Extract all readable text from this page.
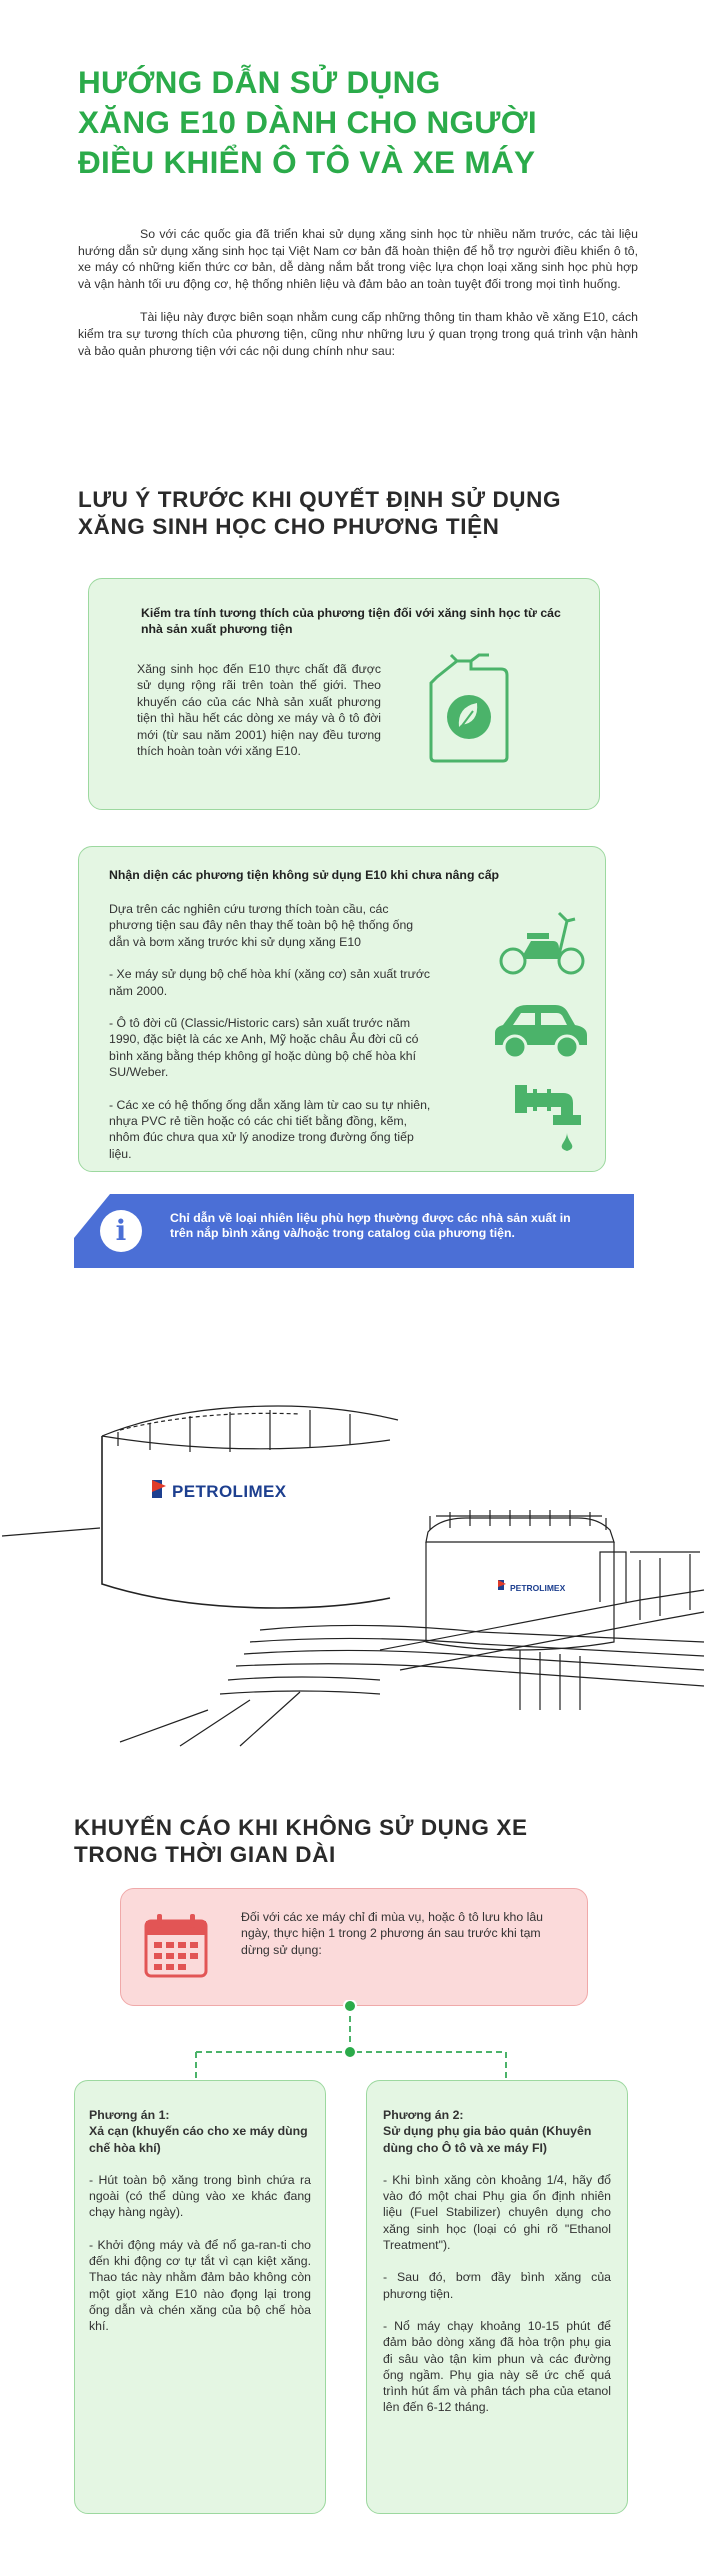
HƯỚNG DẪN SỬ DỤNG
XĂNG E10 DÀNH CHO NGƯỜI
ĐIỀU KHIỂN Ô TÔ VÀ XE MÁY

So với các quốc gia đã triển khai sử dụng xăng sinh học từ nhiều năm trước, các tài liệu hướng dẫn sử dụng xăng sinh học tại Việt Nam cơ bản đã hoàn thiện để hỗ trợ người điều khiển ô tô, xe máy có những kiến thức cơ bản, dễ dàng nắm bắt trong việc lựa chọn loại xăng sinh học phù hợp và vận hành tối ưu động cơ, hệ thống nhiên liệu và đảm bảo an toàn tuyệt đối trong mọi tình huống.

Tài liệu này được biên soạn nhằm cung cấp những thông tin tham khảo về xăng E10, cách kiểm tra sự tương thích của phương tiện, cũng như những lưu ý quan trọng trong quá trình vận hành và bảo quản phương tiện với các nội dung chính như sau:

LƯU Ý TRƯỚC KHI QUYẾT ĐỊNH SỬ DỤNG
XĂNG SINH HỌC CHO PHƯƠNG TIỆN
Kiểm tra tính tương thích của phương tiện đối với xăng sinh học từ các nhà sản xuất phương tiện
Xăng sinh học đến E10 thực chất đã được sử dụng rộng rãi trên toàn thế giới. Theo khuyến cáo của các Nhà sản xuất phương tiện thì hầu hết các dòng xe máy và ô tô đời mới (từ sau năm 2001) hiện nay đều tương thích hoàn toàn với xăng E10.
Nhận diện các phương tiện không sử dụng E10 khi chưa nâng cấp

Dựa trên các nghiên cứu tương thích toàn cầu, các phương tiện sau đây nên thay thế toàn bộ hệ thống ống dẫn và bơm xăng trước khi sử dụng xăng E10

- Xe máy sử dụng bộ chế hòa khí (xăng cơ) sản xuất trước năm 2000.

- Ô tô đời cũ (Classic/Historic cars) sản xuất trước năm 1990, đặc biệt là các xe Anh, Mỹ hoặc châu Âu đời cũ có bình xăng bằng thép không gỉ hoặc dùng bộ chế hòa khí SU/Weber.

- Các xe có hệ thống ống dẫn xăng làm từ cao su tự nhiên, nhựa PVC rẻ tiền hoặc có các chi tiết bằng đồng, kẽm, nhôm đúc chưa qua xử lý anodize trong đường ống tiếp liệu.

i	Chỉ dẫn về loại nhiên liệu phù hợp thường được các nhà sản xuất in trên nắp bình xăng và/hoặc trong catalog của phương tiện.
PETROLIMEX
PETROLIMEX
KHUYẾN CÁO KHI KHÔNG SỬ DỤNG XE
TRONG THỜI GIAN DÀI
Đối với các xe máy chỉ đi mùa vụ, hoặc ô tô lưu kho lâu ngày, thực hiện 1 trong 2 phương án sau trước khi tạm dừng sử dụng:
Phương án 1:
Xả cạn (khuyến cáo cho xe máy dùng chế hòa khí)

- Hút toàn bộ xăng trong bình chứa ra ngoài (có thể dùng vào xe khác đang chạy hàng ngày).

- Khởi động máy và để nổ ga-ran-ti cho đến khi động cơ tự tắt vì cạn kiệt xăng. Thao tác này nhằm đảm bảo không còn một giọt xăng E10 nào đọng lại trong ống dẫn và chén xăng của bộ chế hòa khí.

Phương án 2:
Sử dụng phụ gia bảo quản (Khuyên dùng cho Ô tô và xe máy FI)

- Khi bình xăng còn khoảng 1/4, hãy đổ vào đó một chai Phụ gia ổn định nhiên liệu (Fuel Stabilizer) chuyên dụng cho xăng sinh học (loại có ghi rõ "Ethanol Treatment").

- Sau đó, bơm đầy bình xăng của phương tiện.

- Nổ máy chạy khoảng 10-15 phút để đảm bảo dòng xăng đã hòa trộn phụ gia đi sâu vào tận kim phun và các đường ống ngầm. Phụ gia này sẽ ức chế quá trình hút ẩm và phân tách pha của etanol lên đến 6-12 tháng.
